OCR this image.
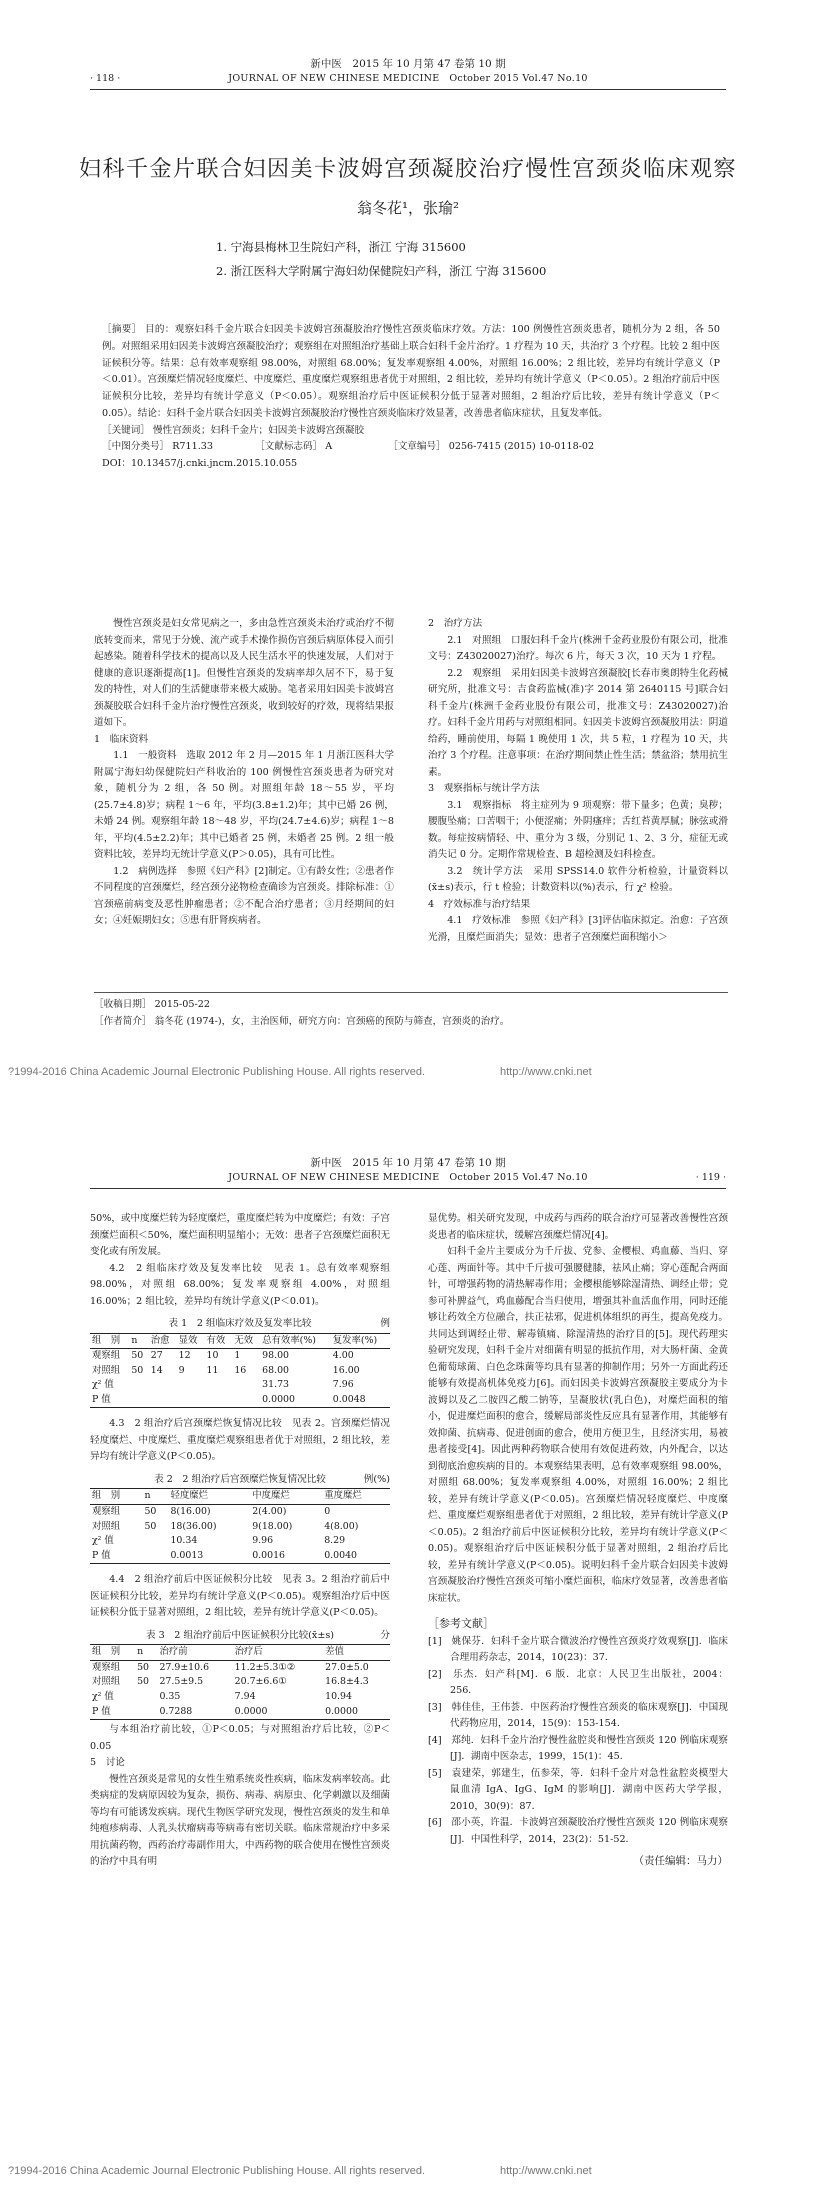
新中医　2015 年 10 月第 47 卷第 10 期
· 118 ·	JOURNAL OF NEW CHINESE MEDICINE　October 2015 Vol.47 No.10
妇科千金片联合妇因美卡波姆宫颈凝胶治疗慢性宫颈炎临床观察
翁冬花¹，张瑜²
1. 宁海县梅林卫生院妇产科，浙江 宁海 315600
2. 浙江医科大学附属宁海妇幼保健院妇产科，浙江 宁海 315600
［摘要］ 目的：观察妇科千金片联合妇因美卡波姆宫颈凝胶治疗慢性宫颈炎临床疗效。方法：100 例慢性宫颈炎患者，随机分为 2 组，各 50 例。对照组采用妇因美卡波姆宫颈凝胶治疗；观察组在对照组治疗基础上联合妇科千金片治疗。1 疗程为 10 天，共治疗 3 个疗程。比较 2 组中医证候积分等。结果：总有效率观察组 98.00%，对照组 68.00%；复发率观察组 4.00%，对照组 16.00%；2 组比较，差异均有统计学意义（P＜0.01）。宫颈糜烂情况轻度糜烂、中度糜烂、重度糜烂观察组患者优于对照组，2 组比较，差异均有统计学意义（P＜0.05）。2 组治疗前后中医证候积分比较，差异均有统计学意义（P＜0.05）。观察组治疗后中医证候积分低于显著对照组，2 组治疗后比较，差异有统计学意义（P＜0.05）。结论：妇科千金片联合妇因美卡波姆宫颈凝胶治疗慢性宫颈炎临床疗效显著，改善患者临床症状，且复发率低。
［关键词］ 慢性宫颈炎；妇科千金片；妇因美卡波姆宫颈凝胶
［中图分类号］ R711.33	［文献标志码］ A	［文章编号］ 0256-7415 (2015) 10-0118-02
DOI：10.13457/j.cnki.jncm.2015.10.055

慢性宫颈炎是妇女常见病之一，多由急性宫颈炎未治疗或治疗不彻底转变而来，常见于分娩、流产或手术操作损伤宫颈后病原体侵入而引起感染。随着科学技术的提高以及人民生活水平的快速发展，人们对于健康的意识逐渐提高[1]。但慢性宫颈炎的发病率却久居不下，易于复发的特性，对人们的生活健康带来极大威胁。笔者采用妇因美卡波姆宫颈凝胶联合妇科千金片治疗慢性宫颈炎，收到较好的疗效，现将结果报道如下。

1　临床资料

1.1　一般资料　选取 2012 年 2 月—2015 年 1 月浙江医科大学附属宁海妇幼保健院妇产科收治的 100 例慢性宫颈炎患者为研究对象，随机分为 2 组，各 50 例。对照组年龄 18～55 岁，平均(25.7±4.8)岁；病程 1～6 年，平均(3.8±1.2)年；其中已婚 26 例，未婚 24 例。观察组年龄 18～48 岁，平均(24.7±4.6)岁；病程 1～8 年，平均(4.5±2.2)年；其中已婚者 25 例，未婚者 25 例。2 组一般资料比较，差异均无统计学意义(P＞0.05)，具有可比性。

1.2　病例选择　参照《妇产科》[2]制定。①有龄女性；②患者作不同程度的宫颈糜烂，经宫颈分泌物检查确诊为宫颈炎。排除标准：①宫颈癌前病变及恶性肿瘤患者；②不配合治疗患者；③月经期间的妇女；④妊娠期妇女；⑤患有肝肾疾病者。

2　治疗方法

2.1　对照组　口服妇科千金片(株洲千金药业股份有限公司，批准文号：Z43020027)治疗。每次 6 片，每天 3 次，10 天为 1 疗程。

2.2　观察组　采用妇因美卡波姆宫颈凝胶[长春市奥朗特生化药械研究所，批准文号：吉食药监械(准)字 2014 第 2640115 号]联合妇科千金片(株洲千金药业股份有限公司，批准文号：Z43020027)治疗。妇科千金片用药与对照组相同。妇因美卡波姆宫颈凝胶用法：阴道给药，睡前使用，每隔 1 晚使用 1 次，共 5 粒，1 疗程为 10 天，共治疗 3 个疗程。注意事项：在治疗期间禁止性生活；禁盆浴；禁用抗生素。

3　观察指标与统计学方法

3.1　观察指标　将主症列为 9 项观察：带下量多；色黄；臭秽；腰腹坠痛；口苦咽干；小便涩痛；外阴瘙痒；舌红苔黄厚腻；脉弦或滑数。每症按病情轻、中、重分为 3 级，分别记 1、2、3 分，症征无或消失记 0 分。定期作常规检查、B 超检测及妇科检查。

3.2　统计学方法　采用 SPSS14.0 软件分析检验，计量资料以(x̄±s)表示，行 t 检验；计数资料以(%)表示，行 χ² 检验。

4　疗效标准与治疗结果

4.1　疗效标准　参照《妇产科》[3]评估临床拟定。治愈：子宫颈光滑，且糜烂面消失；显效：患者子宫颈糜烂面积缩小＞

［收稿日期］ 2015-05-22
［作者简介］ 翁冬花 (1974-)，女，主治医师，研究方向：宫颈癌的预防与筛查，宫颈炎的治疗。
?1994-2016 China Academic Journal Electronic Publishing House. All rights reserved.	http://www.cnki.net
新中医　2015 年 10 月第 47 卷第 10 期
· 119 ·
JOURNAL OF NEW CHINESE MEDICINE　October 2015 Vol.47 No.10

50%，或中度糜烂转为轻度糜烂，重度糜烂转为中度糜烂；有效：子宫颈糜烂面积＜50%，糜烂面积明显缩小；无效：患者子宫颈糜烂面积无变化或有所发展。

4.2　2 组临床疗效及复发率比较　见表 1。总有效率观察组 98.00%，对照组 68.00%；复发率观察组 4.00%，对照组 16.00%；2 组比较，差异均有统计学意义(P＜0.01)。

表 1　2 组临床疗效及复发率比较	例
组　别	n	治愈	显效	有效	无效	总有效率(%)	复发率(%)
观察组	50	27	12	10	1	98.00	4.00
对照组	50	14	9	11	16	68.00	16.00
χ² 值						31.73	7.96
P 值						0.0000	0.0048

4.3　2 组治疗后宫颈糜烂恢复情况比较　见表 2。宫颈糜烂情况轻度糜烂、中度糜烂、重度糜烂观察组患者优于对照组，2 组比较，差异均有统计学意义(P＜0.05)。

表 2　2 组治疗后宫颈糜烂恢复情况比较	例(%)
组　别	n	轻度糜烂	中度糜烂	重度糜烂
观察组	50	8(16.00)	2(4.00)	0
对照组	50	18(36.00)	9(18.00)	4(8.00)
χ² 值		10.34	9.96	8.29
P 值		0.0013	0.0016	0.0040

4.4　2 组治疗前后中医证候积分比较　见表 3。2 组治疗前后中医证候积分比较，差异均有统计学意义(P＜0.05)。观察组治疗后中医证候积分低于显著对照组，2 组比较，差异有统计学意义(P＜0.05)。

表 3　2 组治疗前后中医证候积分比较(x̄±s)	分
组　别	n	治疗前	治疗后	差值
观察组	50	27.9±10.6	11.2±5.3①②	27.0±5.0
对照组	50	27.5±9.5	20.7±6.6①	16.8±4.3
χ² 值		0.35	7.94	10.94
P 值		0.7288	0.0000	0.0000

与本组治疗前比较，①P＜0.05；与对照组治疗后比较，②P＜0.05

5　讨论

慢性宫颈炎是常见的女性生殖系统炎性疾病，临床发病率较高。此类病症的发病原因较为复杂，损伤、病毒、病原虫、化学刺激以及细菌等均有可能诱发疾病。现代生物医学研究发现，慢性宫颈炎的发生和单纯疱疹病毒、人乳头状瘤病毒等病毒有密切关联。临床常规治疗中多采用抗菌药物，西药治疗毒副作用大，中西药物的联合使用在慢性宫颈炎的治疗中具有明

显优势。相关研究发现，中成药与西药的联合治疗可显著改善慢性宫颈炎患者的临床症状，缓解宫颈糜烂情况[4]。

妇科千金片主要成分为千斤拔、党参、金樱根、鸡血藤、当归、穿心莲、两面针等。其中千斤拔可强腰健膝，祛风止痛；穿心莲配合两面针，可增强药物的清热解毒作用；金樱根能够除湿清热、调经止带；党参可补脾益气，鸡血藤配合当归使用，增强其补血活血作用，同时还能够让药效全方位融合，扶正祛邪，促进机体组织的再生，提高免疫力。共同达到调经止带、解毒镇痛、除湿清热的治疗目的[5]。现代药理实验研究发现，妇科千金片对细菌有明显的抵抗作用，对大肠杆菌、金黄色葡萄球菌、白色念珠菌等均具有显著的抑制作用；另外一方面此药还能够有效提高机体免疫力[6]。而妇因美卡波姆宫颈凝胶主要成分为卡波姆以及乙二胺四乙酸二钠等，呈凝胶状(乳白色)，对糜烂面积的缩小，促进糜烂面积的愈合，缓解局部炎性反应具有显著作用，其能够有效抑菌、抗病毒、促进创面的愈合，使用方便卫生，且经济实用，易被患者接受[4]。因此两种药物联合使用有效促进药效，内外配合，以达到彻底治愈疾病的目的。本观察结果表明，总有效率观察组 98.00%，对照组 68.00%；复发率观察组 4.00%，对照组 16.00%；2 组比较，差异有统计学意义(P＜0.05)。宫颈糜烂情况轻度糜烂、中度糜烂、重度糜烂观察组患者优于对照组，2 组比较，差异有统计学意义(P＜0.05)。2 组治疗前后中医证候积分比较，差异均有统计学意义(P＜0.05)。观察组治疗后中医证候积分低于显著对照组，2 组治疗后比较，差异有统计学意义(P＜0.05)。说明妇科千金片联合妇因美卡波姆宫颈凝胶治疗慢性宫颈炎可缩小糜烂面积，临床疗效显著，改善患者临床症状。

［参考文献］
[1]　姚保芬．妇科千金片联合微波治疗慢性宫颈炎疗效观察[J]．临床合理用药杂志，2014，10(23)：37．
[2]　乐杰．妇产科[M]．6 版．北京：人民卫生出版社，2004：256．
[3]　韩佳佳，王伟荟．中医药治疗慢性宫颈炎的临床观察[J]．中国现代药物应用，2014，15(9)：153-154．
[4]　郑纯．妇科千金片治疗慢性盆腔炎和慢性宫颈炎 120 例临床观察[J]．湖南中医杂志，1999，15(1)：45．
[5]　袁建荣，郭建生，伍参荣，等．妇科千金片对急性盆腔炎模型大鼠血清 IgA、IgG、IgM 的影响[J]．湖南中医药大学学报，2010，30(9)：87．
[6]　邵小英，许温．卡波姆宫颈凝胶治疗慢性宫颈炎 120 例临床观察[J]．中国性科学，2014，23(2)：51-52．
（责任编辑：马力）
?1994-2016 China Academic Journal Electronic Publishing House. All rights reserved.	http://www.cnki.net
